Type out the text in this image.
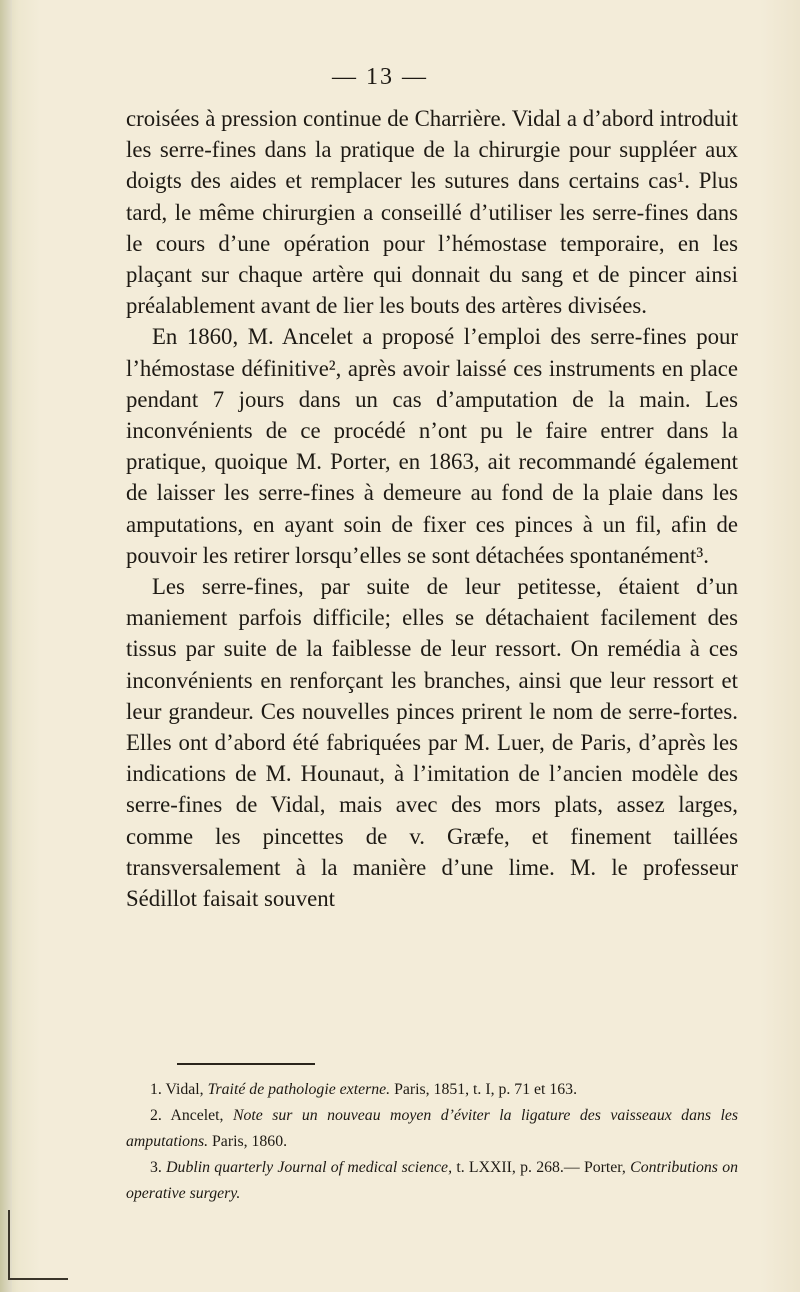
— 13 —

croisées à pression continue de Charrière. Vidal a d’abord introduit les serre-fines dans la pratique de la chirurgie pour suppléer aux doigts des aides et remplacer les sutures dans certains cas¹. Plus tard, le même chirurgien a conseillé d’utiliser les serre-fines dans le cours d’une opération pour l’hémostase temporaire, en les plaçant sur chaque artère qui donnait du sang et de pincer ainsi préalablement avant de lier les bouts des artères divisées.

En 1860, M. Ancelet a proposé l’emploi des serre-fines pour l’hémostase définitive², après avoir laissé ces instruments en place pendant 7 jours dans un cas d’amputation de la main. Les inconvénients de ce procédé n’ont pu le faire entrer dans la pratique, quoique M. Porter, en 1863, ait recommandé également de laisser les serre-fines à demeure au fond de la plaie dans les amputations, en ayant soin de fixer ces pinces à un fil, afin de pouvoir les retirer lorsqu’elles se sont détachées spontanément³.

Les serre-fines, par suite de leur petitesse, étaient d’un maniement parfois difficile; elles se détachaient facilement des tissus par suite de la faiblesse de leur ressort. On remédia à ces inconvénients en renforçant les branches, ainsi que leur ressort et leur grandeur. Ces nouvelles pinces prirent le nom de serre-fortes. Elles ont d’abord été fabriquées par M. Luer, de Paris, d’après les indications de M. Hounaut, à l’imitation de l’ancien modèle des serre-fines de Vidal, mais avec des mors plats, assez larges, comme les pincettes de v. Græfe, et finement taillées transversalement à la manière d’une lime. M. le professeur Sédillot faisait souvent

1. Vidal, Traité de pathologie externe. Paris, 1851, t. I, p. 71 et 163.

2. Ancelet, Note sur un nouveau moyen d’éviter la ligature des vaisseaux dans les amputations. Paris, 1860.

3. Dublin quarterly Journal of medical science, t. LXXII, p. 268.— Porter, Contributions on operative surgery.
